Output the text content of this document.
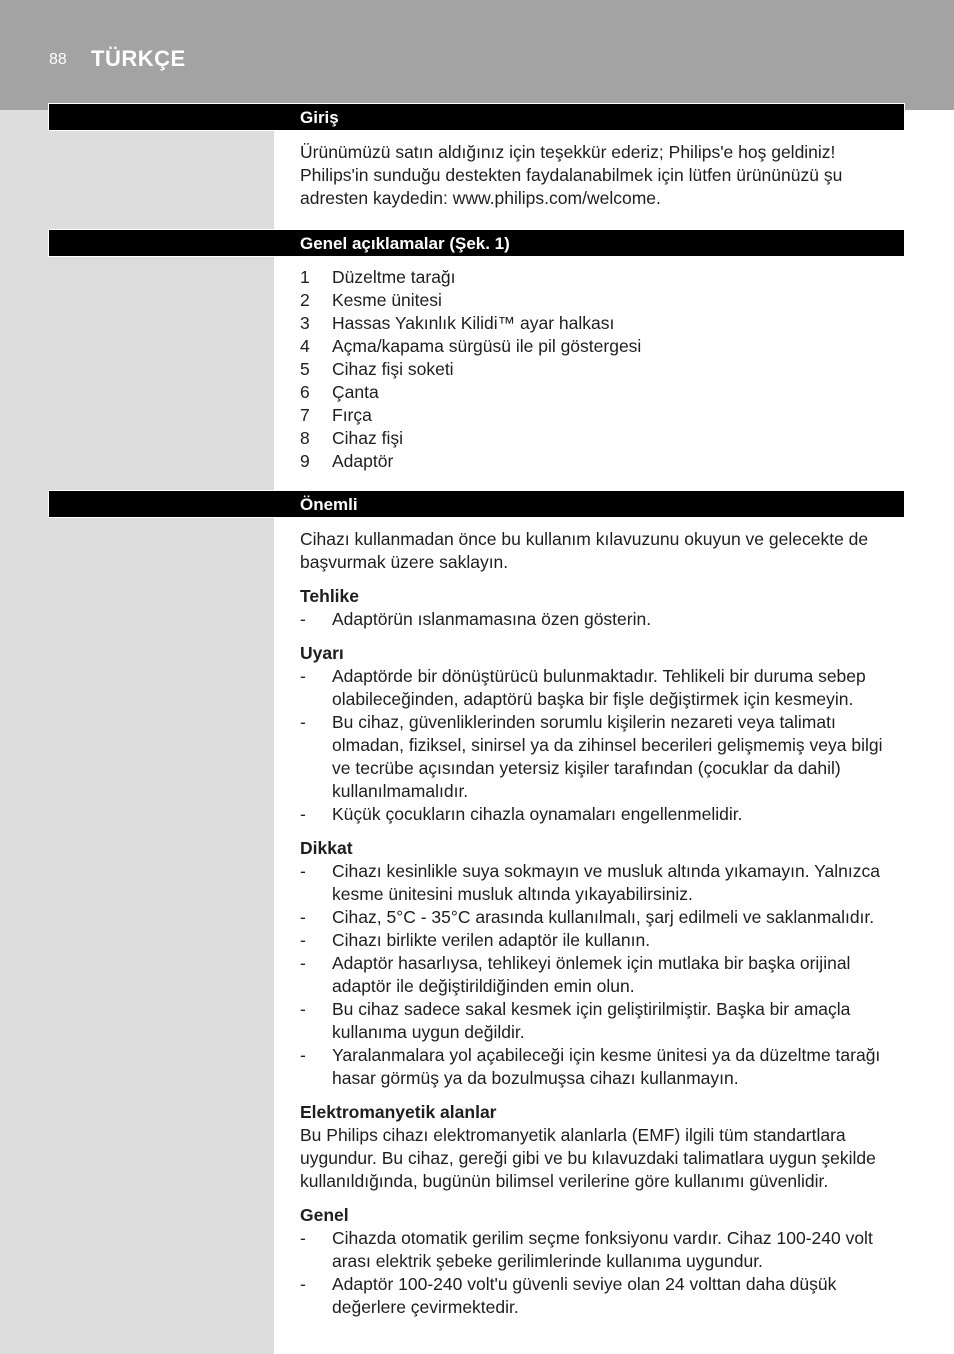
88 TÜRKÇE
Giriş

Ürünümüzü satın aldığınız için teşekkür ederiz; Philips'e hoş geldiniz! Philips'in sunduğu destekten faydalanabilmek için lütfen ürününüzü şu adresten kaydedin: www.philips.com/welcome.

Genel açıklamalar (Şek. 1)
1	Düzeltme tarağı
2	Kesme ünitesi
3	Hassas Yakınlık Kilidi™ ayar halkası
4	Açma/kapama sürgüsü ile pil göstergesi
5	Cihaz fişi soketi
6	Çanta
7	Fırça
8	Cihaz fişi
9	Adaptör
Önemli

Cihazı kullanmadan önce bu kullanım kılavuzunu okuyun ve gelecekte de başvurmak üzere saklayın.

Tehlike

-	Adaptörün ıslanmamasına özen gösterin.

Uyarı

-	Adaptörde bir dönüştürücü bulunmaktadır. Tehlikeli bir duruma sebep olabileceğinden, adaptörü başka bir fişle değiştirmek için kesmeyin.
-	Bu cihaz, güvenliklerinden sorumlu kişilerin nezareti veya talimatı olmadan, fiziksel, sinirsel ya da zihinsel becerileri gelişmemiş veya bilgi ve tecrübe açısından yetersiz kişiler tarafından (çocuklar da dahil) kullanılmamalıdır.
-	Küçük çocukların cihazla oynamaları engellenmelidir.

Dikkat

-	Cihazı kesinlikle suya sokmayın ve musluk altında yıkamayın. Yalnızca kesme ünitesini musluk altında yıkayabilirsiniz.
-	Cihaz, 5°C - 35°C arasında kullanılmalı, şarj edilmeli ve saklanmalıdır.
-	Cihazı birlikte verilen adaptör ile kullanın.
-	Adaptör hasarlıysa, tehlikeyi önlemek için mutlaka bir başka orijinal adaptör ile değiştirildiğinden emin olun.
-	Bu cihaz sadece sakal kesmek için geliştirilmiştir. Başka bir amaçla kullanıma uygun değildir.
-	Yaralanmalara yol açabileceği için kesme ünitesi ya da düzeltme tarağı hasar görmüş ya da bozulmuşsa cihazı kullanmayın.

Elektromanyetik alanlar

Bu Philips cihazı elektromanyetik alanlarla (EMF) ilgili tüm standartlara uygundur. Bu cihaz, gereği gibi ve bu kılavuzdaki talimatlara uygun şekilde kullanıldığında, bugünün bilimsel verilerine göre kullanımı güvenlidir.

Genel

-	Cihazda otomatik gerilim seçme fonksiyonu vardır. Cihaz 100-240 volt arası elektrik şebeke gerilimlerinde kullanıma uygundur.
-	Adaptör 100-240 volt'u güvenli seviye olan 24 volttan daha düşük değerlere çevirmektedir.
